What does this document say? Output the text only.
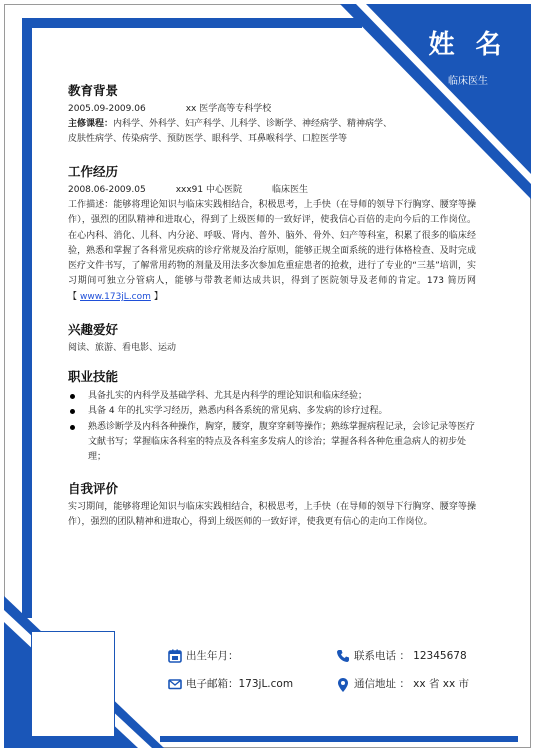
姓 名
临床医生
教育背景
2005.09-2009.06	xx 医学高等专科学校
主修课程：内科学、外科学、妇产科学、儿科学、诊断学、神经病学、精神病学、
皮肤性病学、传染病学、预防医学、眼科学、耳鼻喉科学、口腔医学等
工作经历
2008.06-2009.05	xxx91 中心医院	临床医生
工作描述：能够将理论知识与临床实践相结合，积极思考，上手快（在导师的领导下行胸穿、腰穿等操作），强烈的团队精神和进取心，得到了上级医师的一致好评，使我信心百倍的走向今后的工作岗位。在心内科、消化、儿科、内分泌、呼吸、肾内、普外、脑外、骨外、妇产等科室，积累了很多的临床经验，熟悉和掌握了各科常见疾病的诊疗常规及治疗原则，能够正规全面系统的进行体格检查、及时完成医疗文件书写，了解常用药物的剂量及用法多次参加危重症患者的抢救，进行了专业的“三基”培训，实习期间可独立分管病人，能够与带教老师达成共识，得到了医院领导及老师的肯定。173 简历网【 www.173jL.com 】
兴趣爱好
阅读、旅游、看电影、运动
职业技能
具备扎实的内科学及基础学科、尤其是内科学的理论知识和临床经验；
具备 4 年的扎实学习经历，熟悉内科各系统的常见病、多发病的诊疗过程。
熟悉诊断学及内科各种操作，胸穿，腰穿，腹穿穿刺等操作；熟练掌握病程记录，会诊记录等医疗文献书写；掌握临床各科室的特点及各科室多发病人的诊治；掌握各科各种危重急病人的初步处理；
自我评价
实习期间，能够将理论知识与临床实践相结合，积极思考，上手快（在导师的领导下行胸穿、腰穿等操作），强烈的团队精神和进取心，得到上级医师的一致好评，使我更有信心的走向工作岗位。
出生年月：	联系电话 ： 12345678
电子邮箱：173jL.com	通信地址 ： xx 省 xx 市
